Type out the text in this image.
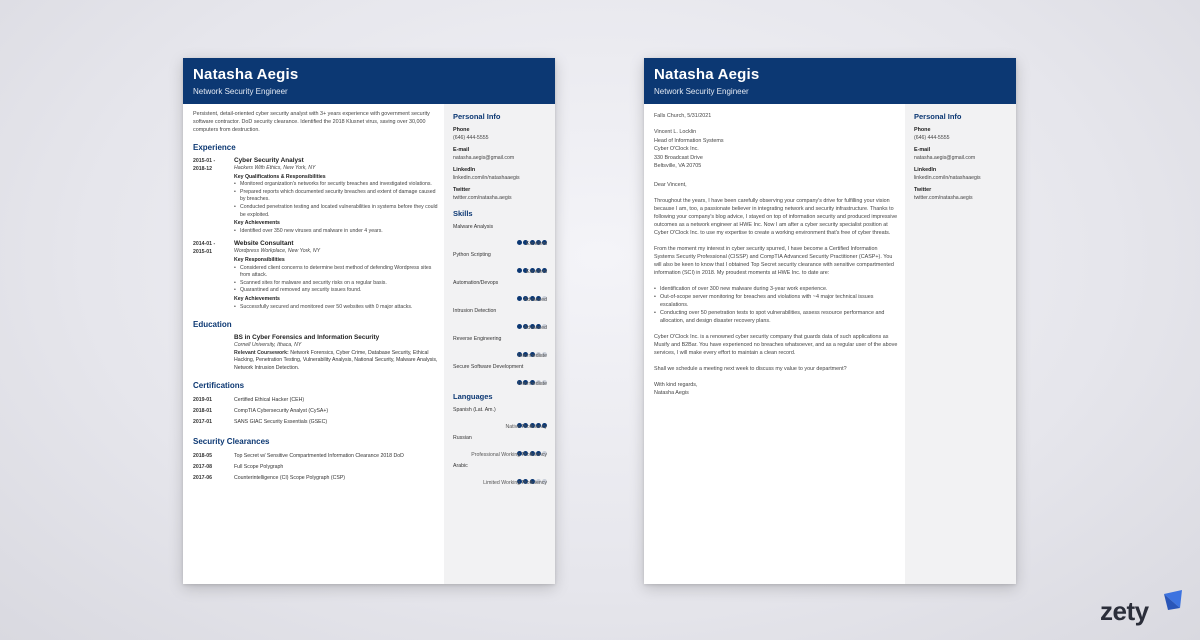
Natasha Aegis
Network Security Engineer
Persistent, detail-oriented cyber security analyst with 3+ years experience with government security software contractor. DoD security clearance. Identified the 2018 Klusnet virus, saving over 30,000 computers from destruction.
Experience
2015-01 -
2018-12
Cyber Security Analyst
Hackers With Ethics, New York, NY
Key Qualifications & Responsibilities
• Monitored organization's networks for security breaches and investigated violations.
• Prepared reports which documented security breaches and extent of damage caused by breaches.
• Conducted penetration testing and located vulnerabilities in systems before they could be exploited.
Key Achievements
• Identified over 350 new viruses and malware in under 4 years.
2014-01 -
2015-01
Website Consultant
Wordpress Workplace, New York, NY
Key Responsibilities
• Considered client concerns to determine best method of defending Wordpress sites from attack.
• Scanned sites for malware and security risks on a regular basis.
• Quarantined and removed any security issues found.
Key Achievements
• Successfully secured and monitored over 50 websites with 0 major attacks.
Education
BS in Cyber Forensics and Information Security
Cornell University, Ithaca, NY
Relevant Coursework: Network Forensics, Cyber Crime, Database Security, Ethical Hacking, Penetration Testing, Vulnerability Analysis, National Security, Malware Analysis, Network Intrusion Detection.
Certifications
2019-01	Certified Ethical Hacker (CEH)
2018-01	CompTIA Cybersecurity Analyst (CySA+)
2017-01	SANS GIAC Security Essentials (GSEC)
Security Clearances
2018-05	Top Secret w/ Sensitive Compartmented Information Clearance 2018 DoD
2017-08	Full Scope Polygraph
2017-06	Counterintelligence (CI) Scope Polygraph (CSP)
Personal Info
Phone
(646) 444-5555
E-mail
natasha.aegis@gmail.com
LinkedIn
linkedin.com/in/natashaaegis
Twitter
twitter.com/natasha.aegis
Skills
Malware Analysis
Excellent
Python Scripting
Excellent
Automation/Devops
Advanced
Intrusion Detection
Advanced
Reverse Engineering
Intermediate
Secure Software Development
Intermediate
Languages
Spanish (Lat. Am.)
Native Proficiency
Russian
Professional Working Proficiency
Arabic
Limited Working Proficiency
Natasha Aegis
Network Security Engineer

Falls Church, 5/31/2021

Vincent L. Locklin
Head of Information Systems
Cyber O'Clock Inc.
330 Broadcast Drive
Beltsville, VA 20705

Dear Vincent,

Throughout the years, I have been carefully observing your company's drive for fulfilling your vision because I am, too, a passionate believer in integrating network and security infrastructure. Thanks to following your company's blog advice, I stayed on top of information security and produced impressive outcomes as a network engineer at HWE Inc. Now I am after a cyber security specialist position at Cyber O'Clock Inc. to use my expertise to create a working environment that's free of cyber threats.

From the moment my interest in cyber security spurred, I have become a Certified Information Systems Security Professional (CISSP) and CompTIA Advanced Security Practitioner (CASP+). You will also be keen to know that I obtained Top Secret security clearance with sensitive compartmented information (SCI) in 2018. My proudest moments at HWE Inc. to date are:

• Identification of over 300 new malware during 3-year work experience.
• Out-of-scope server monitoring for breaches and violations with ~4 major technical issues escalations.
• Conducting over 50 penetration tests to spot vulnerabilities, assess resource performance and allocation, and design disaster recovery plans.

Cyber O'Clock Inc. is a renowned cyber security company that guards data of such applications as Musify and B2Bar. You have experienced no breaches whatsoever, and as a regular user of the above services, I will make every effort to maintain a clean record.

Shall we schedule a meeting next week to discuss my value to your department?

With kind regards,
Natasha Aegis
Personal Info
Phone
(646) 444-5555
E-mail
natasha.aegis@gmail.com
LinkedIn
linkedin.com/in/natashaaegis
Twitter
twitter.com/natasha.aegis
zety
